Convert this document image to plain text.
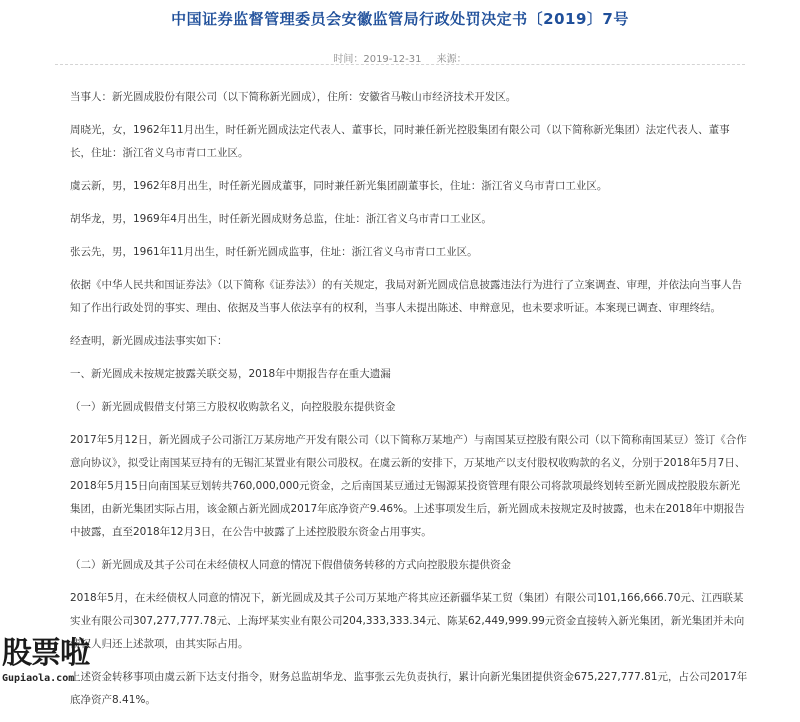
中国证券监督管理委员会安徽监管局行政处罚决定书〔2019〕7号
时间：2019-12-31 来源：

当事人：新光圆成股份有限公司（以下简称新光圆成），住所：安徽省马鞍山市经济技术开发区。

周晓光，女，1962年11月出生，时任新光圆成法定代表人、董事长，同时兼任新光控股集团有限公司（以下简称新光集团）法定代表人、董事长，住址：浙江省义乌市青口工业区。

虞云新，男，1962年8月出生，时任新光圆成董事，同时兼任新光集团副董事长，住址：浙江省义乌市青口工业区。

胡华龙，男，1969年4月出生，时任新光圆成财务总监，住址：浙江省义乌市青口工业区。

张云先，男，1961年11月出生，时任新光圆成监事，住址：浙江省义乌市青口工业区。

依据《中华人民共和国证券法》（以下简称《证券法》）的有关规定，我局对新光圆成信息披露违法行为进行了立案调查、审理，并依法向当事人告知了作出行政处罚的事实、理由、依据及当事人依法享有的权利，当事人未提出陈述、申辩意见，也未要求听证。本案现已调查、审理终结。

经查明，新光圆成违法事实如下：

一、新光圆成未按规定披露关联交易，2018年中期报告存在重大遗漏

（一）新光圆成假借支付第三方股权收购款名义，向控股股东提供资金

2017年5月12日，新光圆成子公司浙江万某房地产开发有限公司（以下简称万某地产）与南国某豆控股有限公司（以下简称南国某豆）签订《合作意向协议》，拟受让南国某豆持有的无锡汇某置业有限公司股权。在虞云新的安排下，万某地产以支付股权收购款的名义，分别于2018年5月7日、2018年5月15日向南国某豆划转共760,000,000元资金，之后南国某豆通过无锡源某投资管理有限公司将款项最终划转至新光圆成控股股东新光集团，由新光集团实际占用，该金额占新光圆成2017年底净资产9.46%。上述事项发生后，新光圆成未按规定及时披露，也未在2018年中期报告中披露，直至2018年12月3日，在公告中披露了上述控股股东资金占用事实。

（二）新光圆成及其子公司在未经债权人同意的情况下假借债务转移的方式向控股股东提供资金

2018年5月，在未经债权人同意的情况下，新光圆成及其子公司万某地产将其应还新疆华某工贸（集团）有限公司101,166,666.70元、江西联某实业有限公司307,277,777.78元、上海坪某实业有限公司204,333,333.34元、陈某62,449,999.99元资金直接转入新光集团，新光集团并未向债权人归还上述款项，由其实际占用。

上述资金转移事项由虞云新下达支付指令，财务总监胡华龙、监事张云先负责执行，累计向新光集团提供资金675,227,777.81元，占公司2017年底净资产8.41%。

股票啦
Gupiaola.com
